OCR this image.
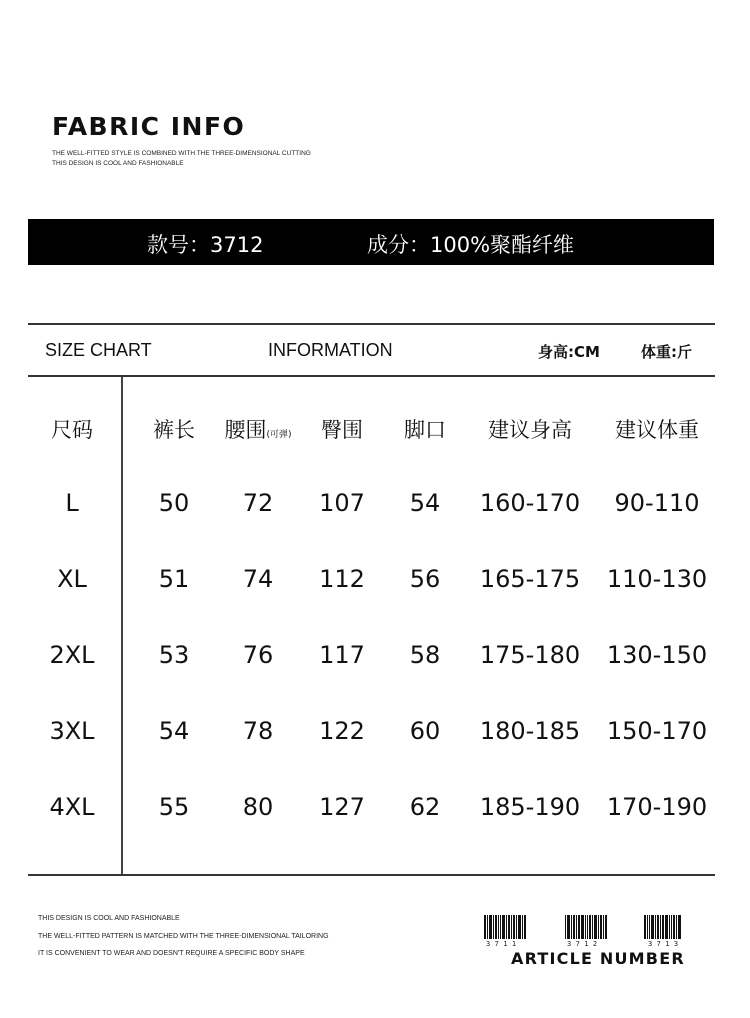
FABRIC INFO
THE WELL-FITTED STYLE IS COMBINED WITH THE THREE-DIMENSIONAL CUTTING
THIS DESIGN IS COOL AND FASHIONABLE
款号：3712	成分：100%聚酯纤维
SIZE CHART	INFORMATION	身高:CM	体重:斤
尺码	裤长 腰围(可弹) 臀围 脚口 建议身高 建议体重
L	50 72 107 54 160-170 90-110
XL	51 74 112 56 165-175 110-130
2XL	53 76 117 58 175-180 130-150
3XL	54 78 122 60 180-185 150-170
4XL	55 80 127 62 185-190 170-190
THIS DESIGN IS COOL AND FASHIONABLE
THE WELL-FITTED PATTERN IS MATCHED WITH THE THREE-DIMENSIONAL TAILORING
IT IS CONVENIENT TO WEAR AND DOESN'T REQUIRE A SPECIFIC BODY SHAPE
3711	3712	3713
ARTICLE NUMBER
